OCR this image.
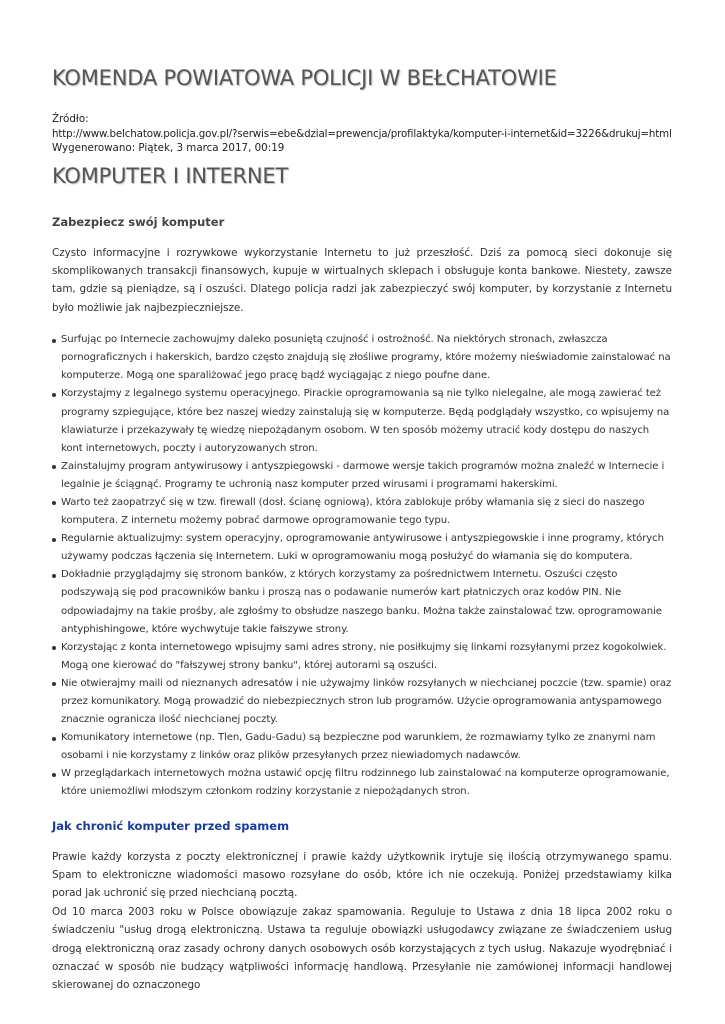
KOMENDA POWIATOWA POLICJI W BEŁCHATOWIE
Źródło:
http://www.belchatow.policja.gov.pl/?serwis=ebe&dzial=prewencja/profilaktyka/komputer-i-internet&id=3226&drukuj=html
Wygenerowano: Piątek, 3 marca 2017, 00:19
KOMPUTER I INTERNET
Zabezpiecz swój komputer

Czysto informacyjne i rozrywkowe wykorzystanie Internetu to już przeszłość. Dziś za pomocą sieci dokonuje się skomplikowanych transakcji finansowych, kupuje w wirtualnych sklepach i obsługuje konta bankowe. Niestety, zawsze tam, gdzie są pieniądze, są i oszuści. Dlatego policja radzi jak zabezpieczyć swój komputer, by korzystanie z Internetu było możliwie jak najbezpieczniejsze.

Surfując po Internecie zachowujmy daleko posuniętą czujność i ostrożność. Na niektórych stronach, zwłaszcza pornograficznych i hakerskich, bardzo często znajdują się złośliwe programy, które możemy nieświadomie zainstalować na komputerze. Mogą one sparaliżować jego pracę bądź wyciągając z niego poufne dane.
Korzystajmy z legalnego systemu operacyjnego. Pirackie oprogramowania są nie tylko nielegalne, ale mogą zawierać też programy szpiegujące, które bez naszej wiedzy zainstalują się w komputerze. Będą podglądały wszystko, co wpisujemy na klawiaturze i przekazywały tę wiedzę niepożądanym osobom. W ten sposób możemy utracić kody dostępu do naszych kont internetowych, poczty i autoryzowanych stron.
Zainstalujmy program antywirusowy i antyszpiegowski - darmowe wersje takich programów można znaleźć w Internecie i legalnie je ściągnąć. Programy te uchronią nasz komputer przed wirusami i programami hakerskimi.
Warto też zaopatrzyć się w tzw. firewall (dosł. ścianę ogniową), która zablokuje próby włamania się z sieci do naszego komputera. Z internetu możemy pobrać darmowe oprogramowanie tego typu.
Regularnie aktualizujmy: system operacyjny, oprogramowanie antywirusowe i antyszpiegowskie i inne programy, których używamy podczas łączenia się Internetem. Luki w oprogramowaniu mogą posłużyć do włamania się do komputera.
Dokładnie przyglądajmy się stronom banków, z których korzystamy za pośrednictwem Internetu. Oszuści często podszywają się pod pracowników banku i proszą nas o podawanie numerów kart płatniczych oraz kodów PIN. Nie odpowiadajmy na takie prośby, ale zgłośmy to obsłudze naszego banku. Można także zainstalować tzw. oprogramowanie antyphishingowe, które wychwytuje takie fałszywe strony.
Korzystając z konta internetowego wpisujmy sami adres strony, nie posiłkujmy się linkami rozsyłanymi przez kogokolwiek. Mogą one kierować do "fałszywej strony banku", której autorami są oszuści.
Nie otwierajmy maili od nieznanych adresatów i nie używajmy linków rozsyłanych w niechcianej poczcie (tzw. spamie) oraz przez komunikatory. Mogą prowadzić do niebezpiecznych stron lub programów. Użycie oprogramowania antyspamowego znacznie ogranicza ilość niechcianej poczty.
Komunikatory internetowe (np. Tlen, Gadu-Gadu) są bezpieczne pod warunkiem, że rozmawiamy tylko ze znanymi nam osobami i nie korzystamy z linków oraz plików przesyłanych przez niewiadomych nadawców.
W przeglądarkach internetowych można ustawić opcję filtru rodzinnego lub zainstalować na komputerze oprogramowanie, które uniemożliwi młodszym członkom rodziny korzystanie z niepożądanych stron.
Jak chronić komputer przed spamem

Prawie każdy korzysta z poczty elektronicznej i prawie każdy użytkownik irytuje się ilością otrzymywanego spamu. Spam to elektroniczne wiadomości masowo rozsyłane do osób, które ich nie oczekują. Poniżej przedstawiamy kilka porad jak uchronić się przed niechcianą pocztą.

Od 10 marca 2003 roku w Polsce obowiązuje zakaz spamowania. Reguluje to Ustawa z dnia 18 lipca 2002 roku o świadczeniu "usług drogą elektroniczną. Ustawa ta reguluje obowiązki usługodawcy związane ze świadczeniem usług drogą elektroniczną oraz zasady ochrony danych osobowych osób korzystających z tych usług. Nakazuje wyodrębniać i oznaczać w sposób nie budzący wątpliwości informację handlową. Przesyłanie nie zamówionej informacji handlowej skierowanej do oznaczonego
